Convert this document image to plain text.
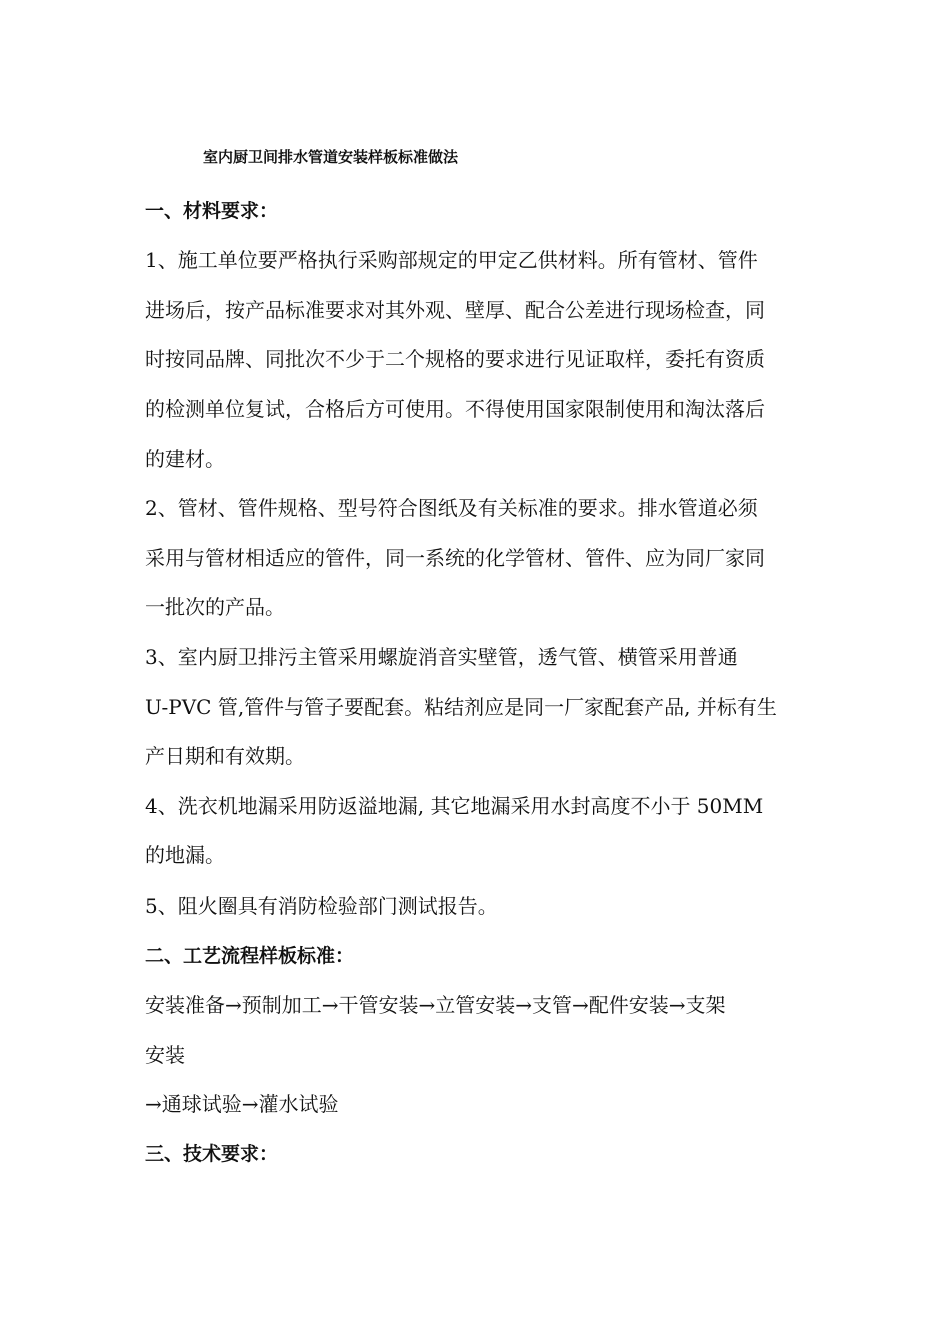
室内厨卫间排水管道安装样板标准做法
一、材料要求：
1、施工单位要严格执行采购部规定的甲定乙供材料。所有管材、管件
进场后，按产品标准要求对其外观、壁厚、配合公差进行现场检查，同
时按同品牌、同批次不少于二个规格的要求进行见证取样，委托有资质
的检测单位复试，合格后方可使用。不得使用国家限制使用和淘汰落后
的建材。
2、管材、管件规格、型号符合图纸及有关标准的要求。排水管道必须
采用与管材相适应的管件，同一系统的化学管材、管件、应为同厂家同
一批次的产品。
3、室内厨卫排污主管采用螺旋消音实壁管，透气管、横管采用普通
U-PVC 管,管件与管子要配套。粘结剂应是同一厂家配套产品, 并标有生
产日期和有效期。
4、洗衣机地漏采用防返溢地漏, 其它地漏采用水封高度不小于 50MM
的地漏。
5、阻火圈具有消防检验部门测试报告。
二、工艺流程样板标准：
安装准备→预制加工→干管安装→立管安装→支管→配件安装→支架
安装
→通球试验→灌水试验
三、技术要求：
